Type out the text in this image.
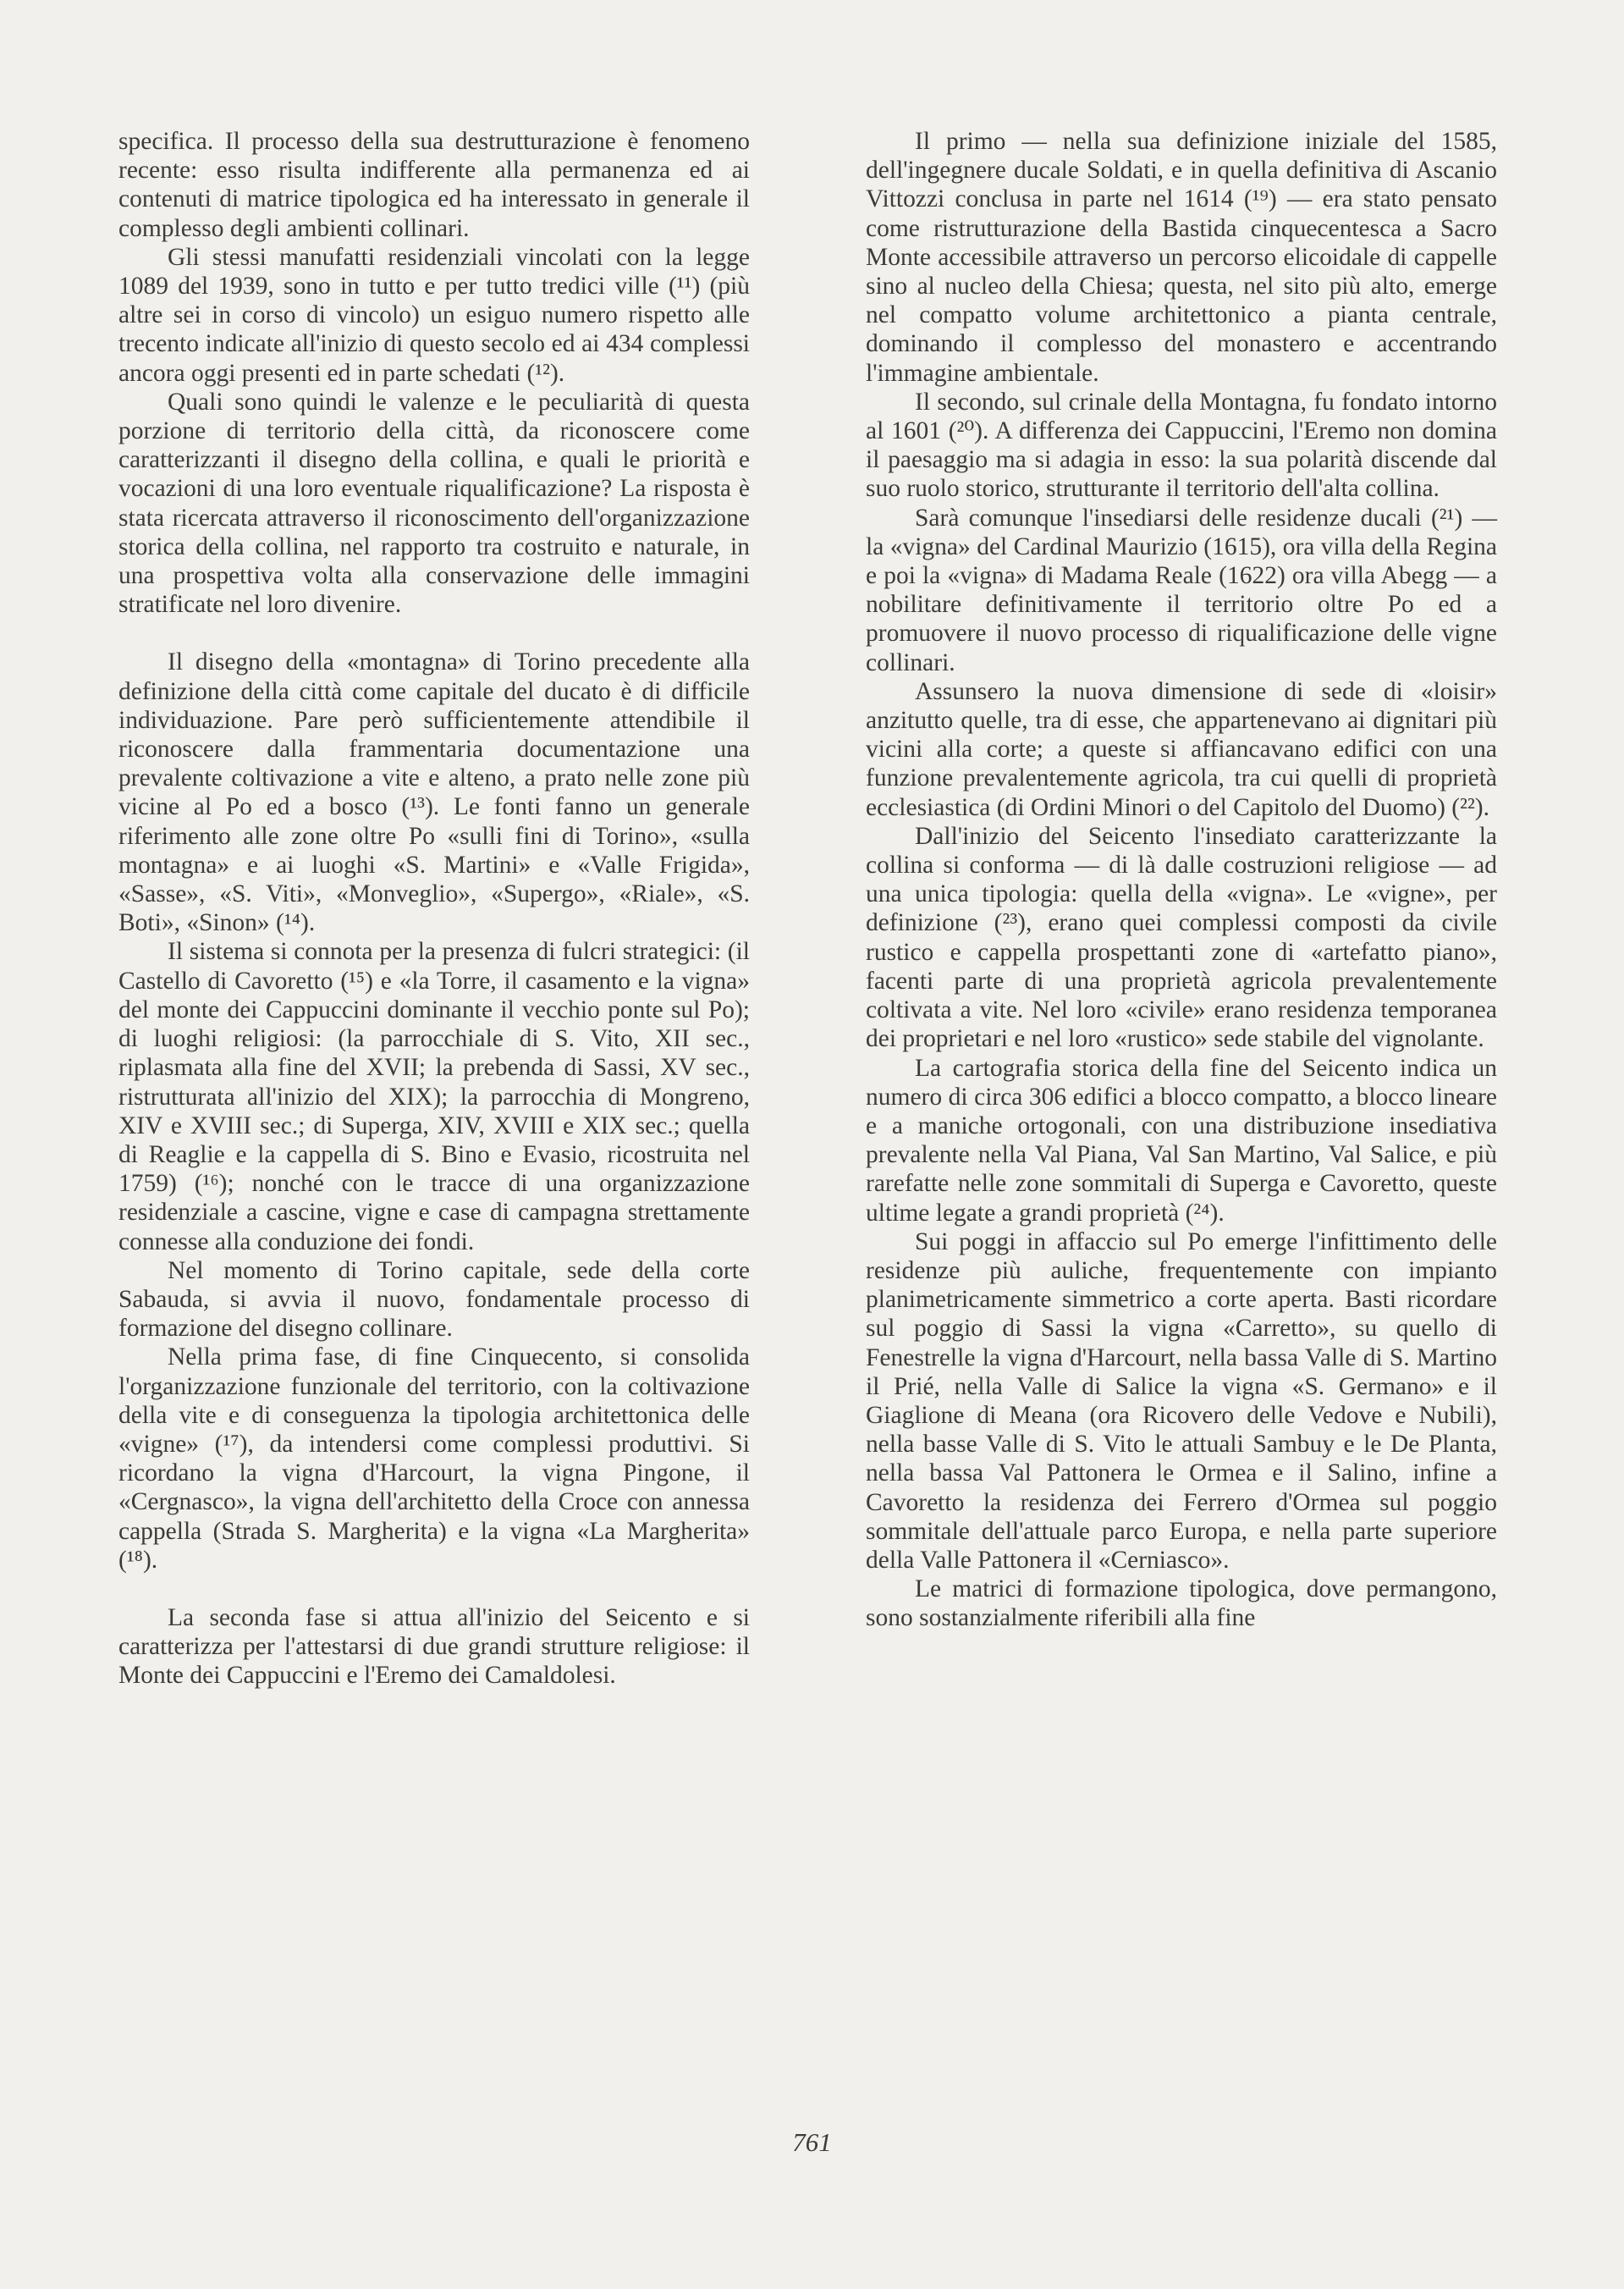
specifica. Il processo della sua destrutturazione è fenomeno recente: esso risulta indifferente alla permanenza ed ai contenuti di matrice tipologica ed ha interessato in generale il complesso degli ambienti collinari.

Gli stessi manufatti residenziali vincolati con la legge 1089 del 1939, sono in tutto e per tutto tredici ville (¹¹) (più altre sei in corso di vincolo) un esiguo numero rispetto alle trecento indicate all'inizio di questo secolo ed ai 434 complessi ancora oggi presenti ed in parte schedati (¹²).

Quali sono quindi le valenze e le peculiarità di questa porzione di territorio della città, da riconoscere come caratterizzanti il disegno della collina, e quali le priorità e vocazioni di una loro eventuale riqualificazione? La risposta è stata ricercata attraverso il riconoscimento dell'organizzazione storica della collina, nel rapporto tra costruito e naturale, in una prospettiva volta alla conservazione delle immagini stratificate nel loro divenire.

Il disegno della «montagna» di Torino precedente alla definizione della città come capitale del ducato è di difficile individuazione. Pare però sufficientemente attendibile il riconoscere dalla frammentaria documentazione una prevalente coltivazione a vite e alteno, a prato nelle zone più vicine al Po ed a bosco (¹³). Le fonti fanno un generale riferimento alle zone oltre Po «sulli fini di Torino», «sulla montagna» e ai luoghi «S. Martini» e «Valle Frigida», «Sasse», «S. Viti», «Monveglio», «Supergo», «Riale», «S. Boti», «Sinon» (¹⁴).

Il sistema si connota per la presenza di fulcri strategici: (il Castello di Cavoretto (¹⁵) e «la Torre, il casamento e la vigna» del monte dei Cappuccini dominante il vecchio ponte sul Po); di luoghi religiosi: (la parrocchiale di S. Vito, XII sec., riplasmata alla fine del XVII; la prebenda di Sassi, XV sec., ristrutturata all'inizio del XIX); la parrocchia di Mongreno, XIV e XVIII sec.; di Superga, XIV, XVIII e XIX sec.; quella di Reaglie e la cappella di S. Bino e Evasio, ricostruita nel 1759) (¹⁶); nonché con le tracce di una organizzazione residenziale a cascine, vigne e case di campagna strettamente connesse alla conduzione dei fondi.

Nel momento di Torino capitale, sede della corte Sabauda, si avvia il nuovo, fondamentale processo di formazione del disegno collinare.

Nella prima fase, di fine Cinquecento, si consolida l'organizzazione funzionale del territorio, con la coltivazione della vite e di conseguenza la tipologia architettonica delle «vigne» (¹⁷), da intendersi come complessi produttivi. Si ricordano la vigna d'Harcourt, la vigna Pingone, il «Cergnasco», la vigna dell'architetto della Croce con annessa cappella (Strada S. Margherita) e la vigna «La Margherita» (¹⁸).

La seconda fase si attua all'inizio del Seicento e si caratterizza per l'attestarsi di due grandi strutture religiose: il Monte dei Cappuccini e l'Eremo dei Camaldolesi.

Il primo — nella sua definizione iniziale del 1585, dell'ingegnere ducale Soldati, e in quella definitiva di Ascanio Vittozzi conclusa in parte nel 1614 (¹⁹) — era stato pensato come ristrutturazione della Bastida cinquecentesca a Sacro Monte accessibile attraverso un percorso elicoidale di cappelle sino al nucleo della Chiesa; questa, nel sito più alto, emerge nel compatto volume architettonico a pianta centrale, dominando il complesso del monastero e accentrando l'immagine ambientale.

Il secondo, sul crinale della Montagna, fu fondato intorno al 1601 (²⁰). A differenza dei Cappuccini, l'Eremo non domina il paesaggio ma si adagia in esso: la sua polarità discende dal suo ruolo storico, strutturante il territorio dell'alta collina.

Sarà comunque l'insediarsi delle residenze ducali (²¹) — la «vigna» del Cardinal Maurizio (1615), ora villa della Regina e poi la «vigna» di Madama Reale (1622) ora villa Abegg — a nobilitare definitivamente il territorio oltre Po ed a promuovere il nuovo processo di riqualificazione delle vigne collinari.

Assunsero la nuova dimensione di sede di «loisir» anzitutto quelle, tra di esse, che appartenevano ai dignitari più vicini alla corte; a queste si affiancavano edifici con una funzione prevalentemente agricola, tra cui quelli di proprietà ecclesiastica (di Ordini Minori o del Capitolo del Duomo) (²²).

Dall'inizio del Seicento l'insediato caratterizzante la collina si conforma — di là dalle costruzioni religiose — ad una unica tipologia: quella della «vigna». Le «vigne», per definizione (²³), erano quei complessi composti da civile rustico e cappella prospettanti zone di «artefatto piano», facenti parte di una proprietà agricola prevalentemente coltivata a vite. Nel loro «civile» erano residenza temporanea dei proprietari e nel loro «rustico» sede stabile del vignolante.

La cartografia storica della fine del Seicento indica un numero di circa 306 edifici a blocco compatto, a blocco lineare e a maniche ortogonali, con una distribuzione insediativa prevalente nella Val Piana, Val San Martino, Val Salice, e più rarefatte nelle zone sommitali di Superga e Cavoretto, queste ultime legate a grandi proprietà (²⁴).

Sui poggi in affaccio sul Po emerge l'infittimento delle residenze più auliche, frequentemente con impianto planimetricamente simmetrico a corte aperta. Basti ricordare sul poggio di Sassi la vigna «Carretto», su quello di Fenestrelle la vigna d'Harcourt, nella bassa Valle di S. Martino il Prié, nella Valle di Salice la vigna «S. Germano» e il Giaglione di Meana (ora Ricovero delle Vedove e Nubili), nella basse Valle di S. Vito le attuali Sambuy e le De Planta, nella bassa Val Pattonera le Ormea e il Salino, infine a Cavoretto la residenza dei Ferrero d'Ormea sul poggio sommitale dell'attuale parco Europa, e nella parte superiore della Valle Pattonera il «Cerniasco».

Le matrici di formazione tipologica, dove permangono, sono sostanzialmente riferibili alla fine

761
